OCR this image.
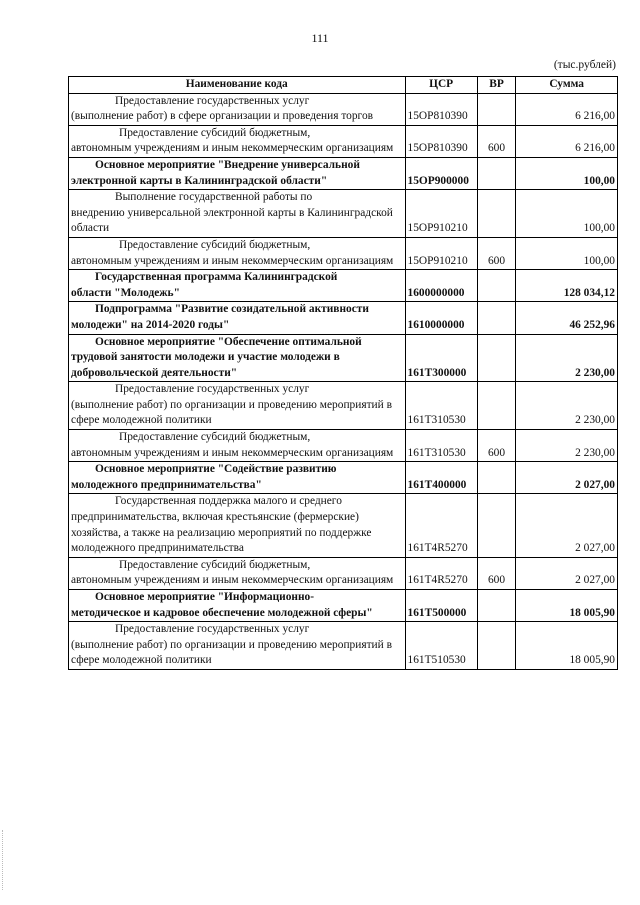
111
(тыс.рублей)
Наименование кода	ЦСР	ВР	Сумма
Предоставление государственных услуг
(выполнение работ) в сфере организации и проведения торгов	15OP810390		6 216,00
Предоставление субсидий бюджетным,
автономным учреждениям и иным некоммерческим организациям	15OP810390	600	6 216,00
Основное мероприятие "Внедрение универсальной
электронной карты в Калининградской области"	15OP900000		100,00
Выполнение государственной работы по
внедрению универсальной электронной карты в Калининградской области	15OP910210		100,00
Предоставление субсидий бюджетным,
автономным учреждениям и иным некоммерческим организациям	15OP910210	600	100,00
Государственная программа Калининградской
области "Молодежь"	1600000000		128 034,12
Подпрограмма "Развитие созидательной активности
молодежи" на 2014-2020 годы"	1610000000		46 252,96
Основное мероприятие "Обеспечение оптимальной
трудовой занятости молодежи и участие молодежи в добровольческой деятельности"	161T300000		2 230,00
Предоставление государственных услуг
(выполнение работ) по организации и проведению мероприятий в сфере молодежной политики	161T310530		2 230,00
Предоставление субсидий бюджетным,
автономным учреждениям и иным некоммерческим организациям	161T310530	600	2 230,00
Основное мероприятие "Содействие развитию
молодежного предпринимательства"	161T400000		2 027,00
Государственная поддержка малого и среднего
предпринимательства, включая крестьянские (фермерские) хозяйства, а также на реализацию мероприятий по поддержке молодежного предпринимательства	161T4R5270		2 027,00
Предоставление субсидий бюджетным,
автономным учреждениям и иным некоммерческим организациям	161T4R5270	600	2 027,00
Основное мероприятие "Информационно-
методическое и кадровое обеспечение молодежной сферы"	161T500000		18 005,90
Предоставление государственных услуг
(выполнение работ) по организации и проведению мероприятий в сфере молодежной политики	161T510530		18 005,90
